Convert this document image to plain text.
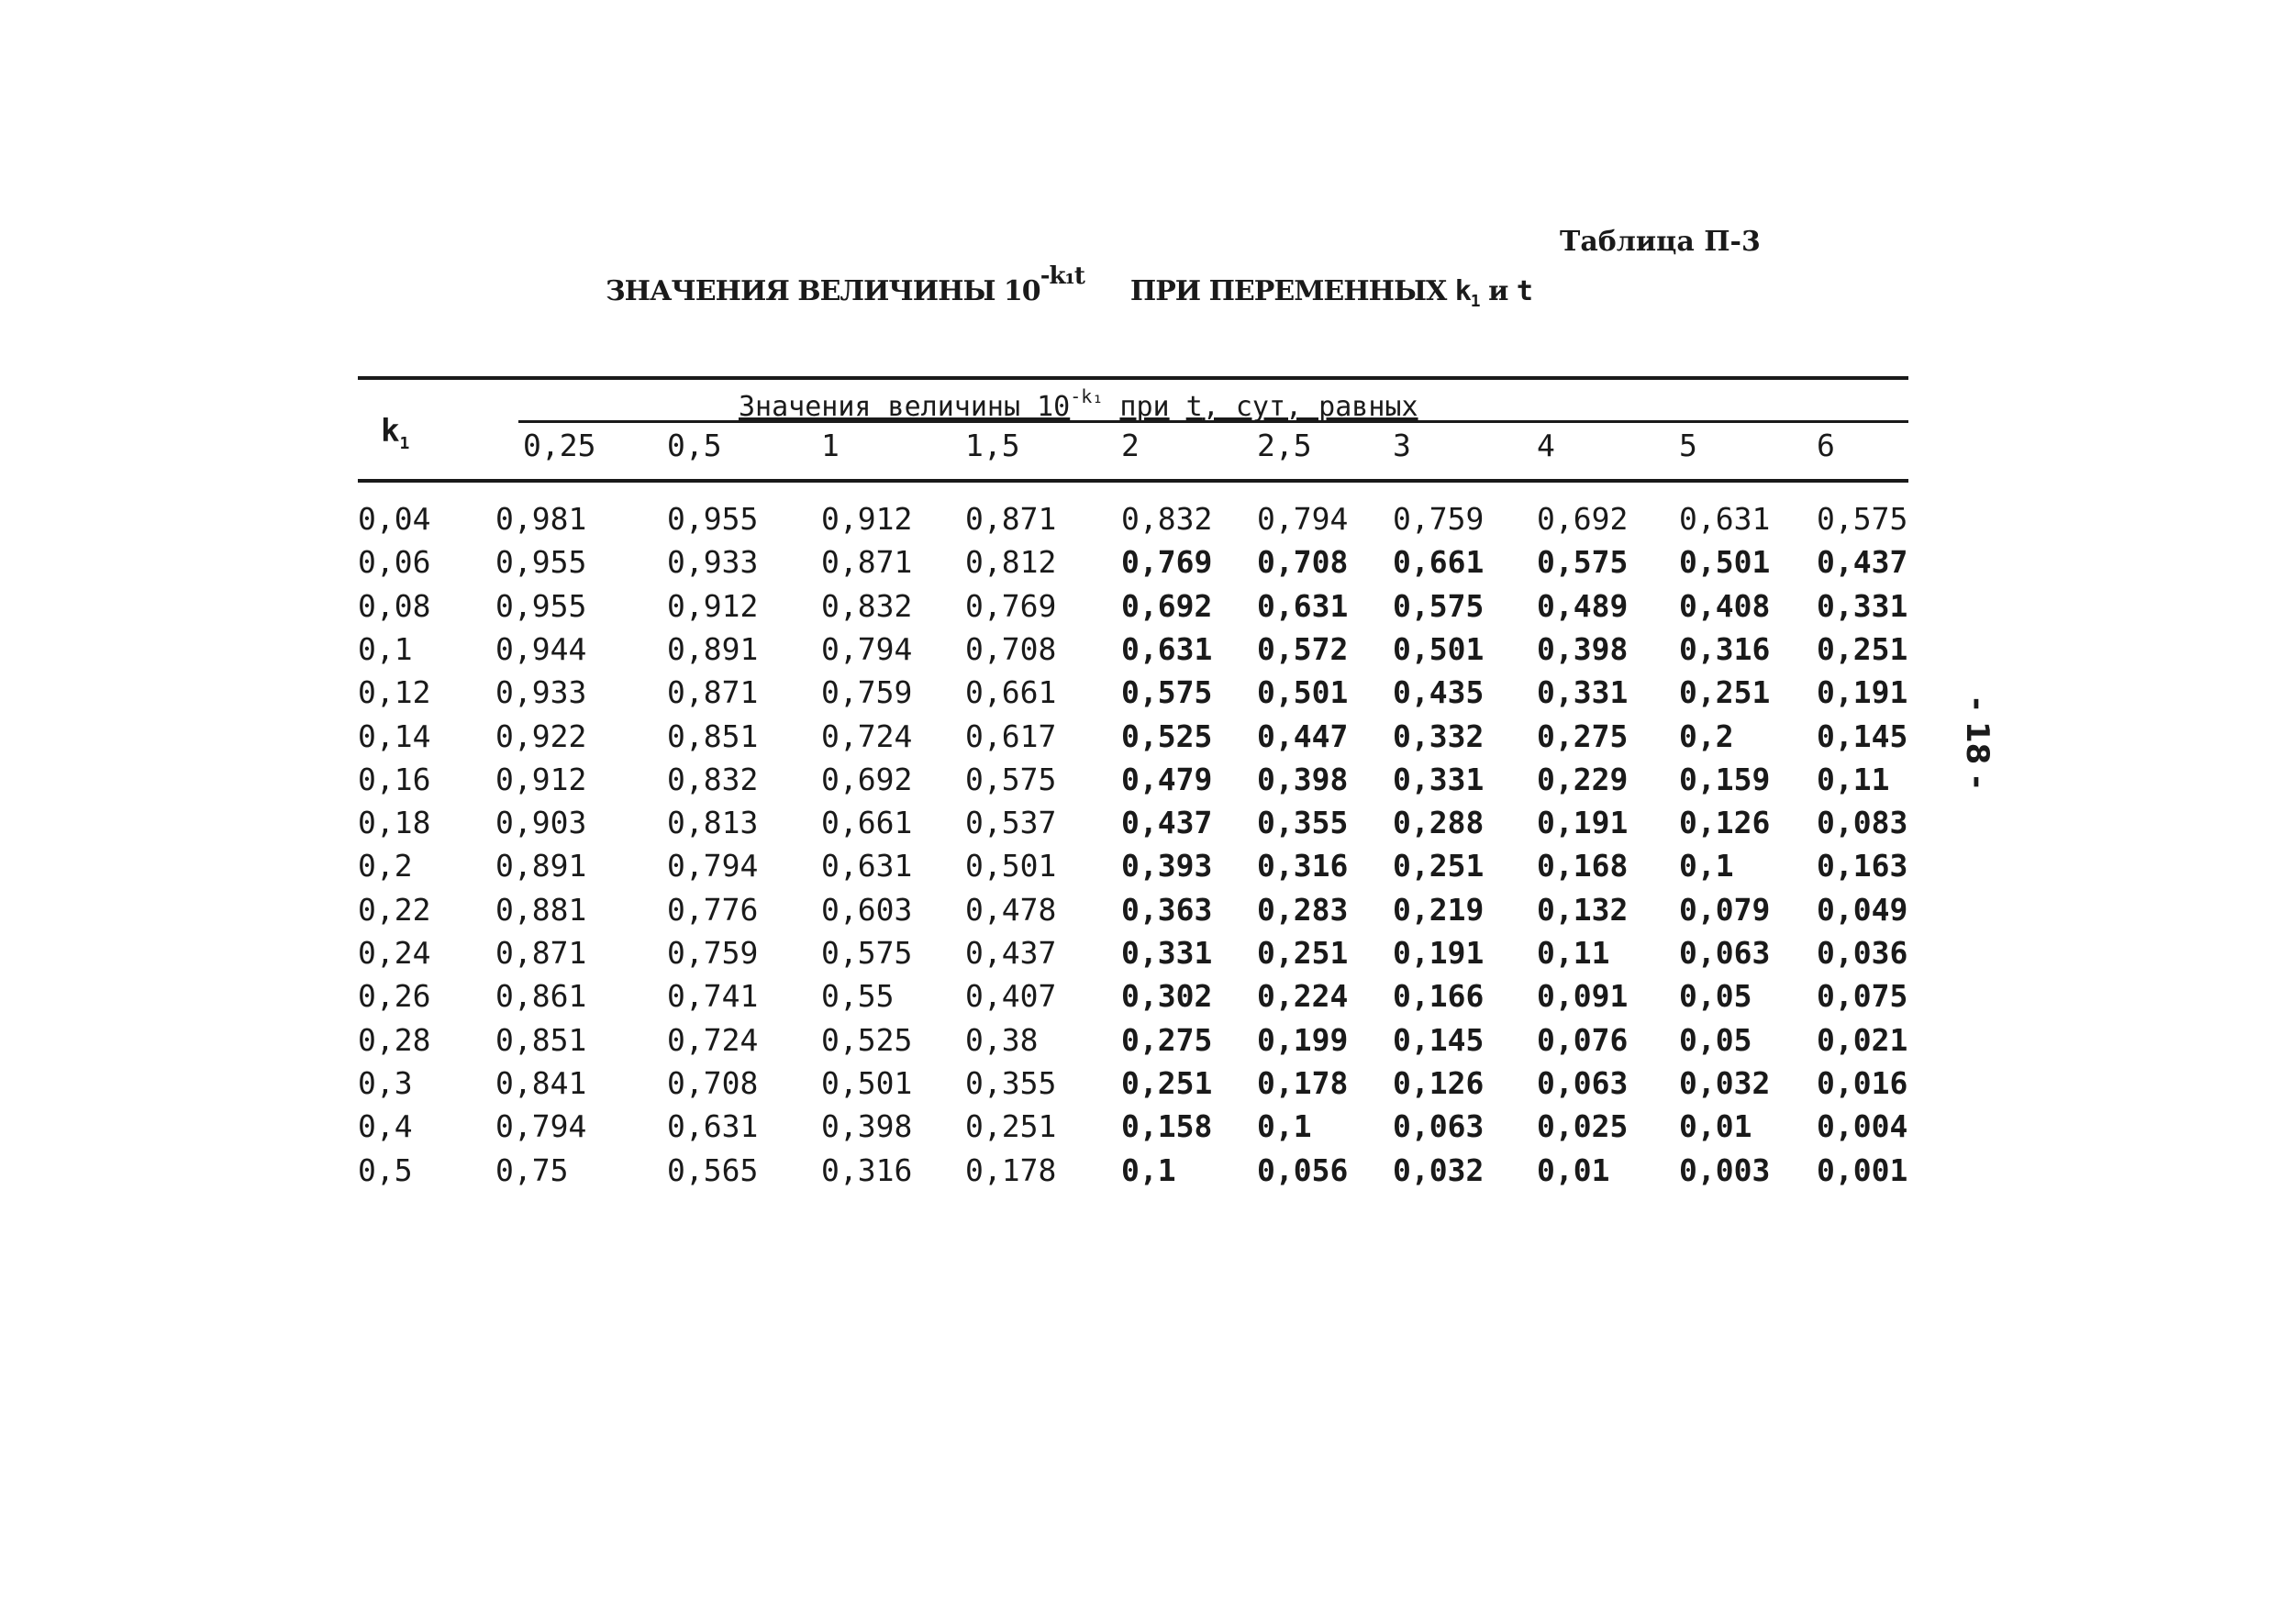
Таблица П-3
ЗНАЧЕНИЯ ВЕЛИЧИНЫ 10-k₁t ПРИ ПЕРЕМЕННЫХ $k_1$ и t
$k_1$
Значения величины $10^{-k_1}$ при t, сут, равных
0,25 0,5	1	1,5	2	2,5	3	4	5	6
0,04 0,981	0,955 0,912 0,871 0,832 0,794 0,759 0,692 0,631 0,575
0,06 0,955	0,933 0,871 0,812 0,769 0,708 0,661 0,575 0,501 0,437
0,08 0,955	0,912 0,832 0,769 0,692 0,631 0,575 0,489 0,408 0,331
0,1	0,944	0,891 0,794 0,708 0,631 0,572 0,501 0,398 0,316 0,251
0,12 0,933	0,871 0,759 0,661 0,575 0,501 0,435 0,331 0,251 0,191
0,14 0,922	0,851 0,724 0,617 0,525 0,447 0,332 0,275 0,2	0,145
0,16 0,912	0,832 0,692 0,575 0,479 0,398 0,331 0,229 0,159 0,11
0,18 0,903	0,813 0,661 0,537 0,437 0,355 0,288 0,191 0,126 0,083
0,2	0,891	0,794 0,631 0,501 0,393 0,316 0,251 0,168 0,1	0,163
0,22 0,881	0,776 0,603 0,478 0,363 0,283 0,219 0,132 0,079 0,049
0,24 0,871	0,759 0,575 0,437 0,331 0,251 0,191 0,11 0,063 0,036
0,26 0,861	0,741 0,55 0,407 0,302 0,224 0,166 0,091 0,05 0,075
0,28 0,851	0,724 0,525 0,38	0,275 0,199 0,145 0,076 0,05 0,021
0,3	0,841	0,708 0,501 0,355 0,251 0,178 0,126 0,063 0,032 0,016
0,4	0,794	0,631 0,398 0,251 0,158 0,1	0,063 0,025 0,01 0,004
0,5	0,75	0,565 0,316 0,178 0,1	0,056 0,032 0,01 0,003 0,001
- 18 -
